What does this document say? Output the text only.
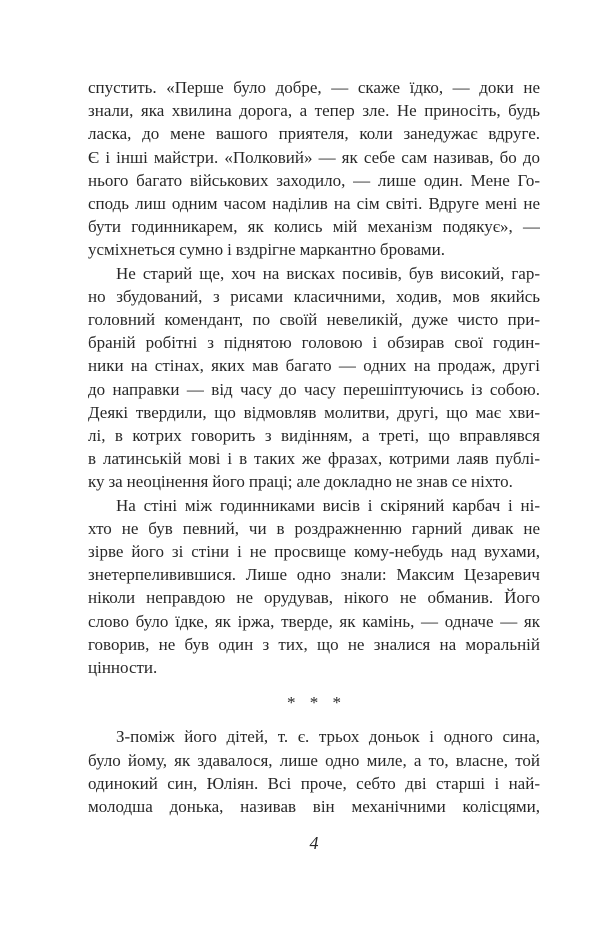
спустить. «Перше було добре, — скаже їдко, — доки не
знали, яка хвилина дорога, а тепер зле. Не приносіть, будь
ласка, до мене вашого приятеля, коли занедужає вдруге.
Є і інші майстри. «Полковий» — як себе сам називав, бо до
нього багато військових заходило, — лише один. Мене Го-
сподь лиш одним часом наділив на сім світі. Вдруге мені не
бути годинникарем, як колись мій механізм подякує», —
усміхнеться сумно і вздрігне маркантно бровами.
Не старий ще, хоч на висках посивів, був високий, гар-
но збудований, з рисами класичними, ходив, мов якийсь
головний комендант, по своїй невеликій, дуже чисто при-
браній робітні з піднятою головою і обзирав свої годин-
ники на стінах, яких мав багато — одних на продаж, другі
до направки — від часу до часу перешіптуючись із собою.
Деякі твердили, що відмовляв молитви, другі, що має хви-
лі, в котрих говорить з видінням, а треті, що вправлявся
в латинській мові і в таких же фразах, котрими лаяв публі-
ку за неоцінення його праці; але докладно не знав се ніхто.
На стіні між годинниками висів і скіряний карбач і ні-
хто не був певний, чи в роздражненню гарний дивак не
зірве його зі стіни і не просвище кому-небудь над вухами,
знетерпеливившися. Лише одно знали: Максим Цезаревич
ніколи неправдою не орудував, нікого не обманив. Його
слово було їдке, як іржа, тверде, як камінь, — одначе — як
говорив, не був один з тих, що не зналися на моральній
цінности.
* * *
З-поміж його дітей, т. є. трьох доньок і одного сина,
було йому, як здавалося, лише одно миле, а то, власне, той
одинокий син, Юліян. Всі проче, себто дві старші і най-
молодша донька, називав він механічними колісцями,
4
